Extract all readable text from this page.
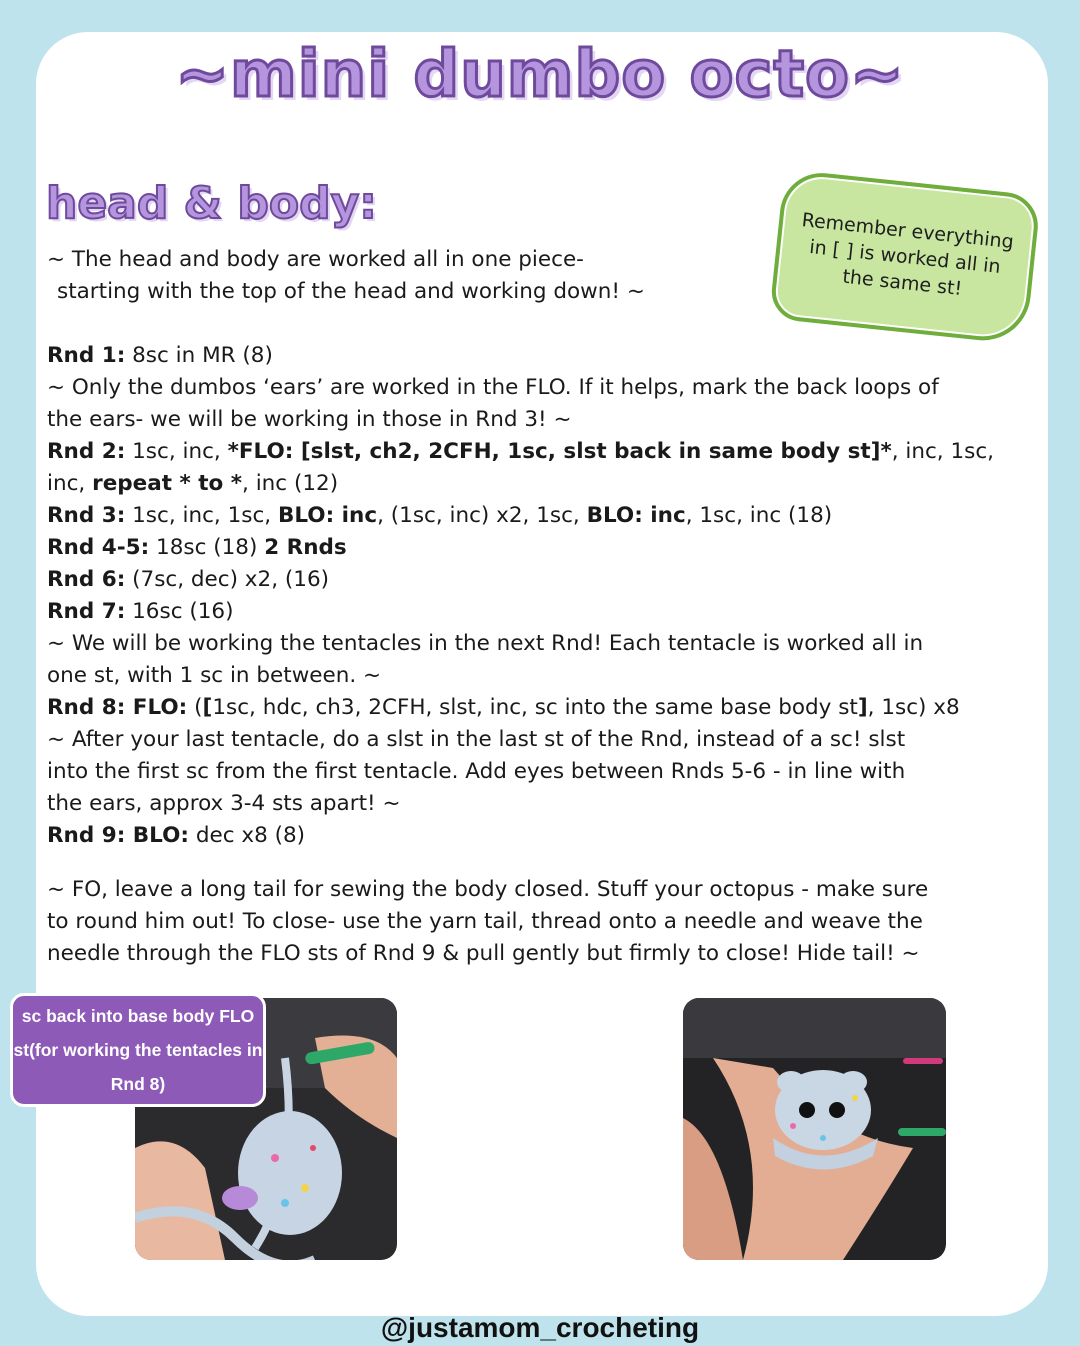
~mini dumbo octo~
head & body:
Remember everything in [ ] is worked all in the same st!
~ The head and body are worked all in one piece-
starting with the top of the head and working down! ~
Rnd 1: 8sc in MR (8)
~ Only the dumbos ‘ears’ are worked in the FLO. If it helps, mark the back loops of
the ears- we will be working in those in Rnd 3! ~
Rnd 2: 1sc, inc, *FLO: [slst, ch2, 2CFH, 1sc, slst back in same body st]*, inc, 1sc,
inc, repeat * to *, inc (12)
Rnd 3: 1sc, inc, 1sc, BLO: inc, (1sc, inc) x2, 1sc, BLO: inc, 1sc, inc (18)
Rnd 4-5: 18sc (18) 2 Rnds
Rnd 6: (7sc, dec) x2, (16)
Rnd 7: 16sc (16)
~ We will be working the tentacles in the next Rnd! Each tentacle is worked all in
one st, with 1 sc in between. ~
Rnd 8: FLO: ([1sc, hdc, ch3, 2CFH, slst, inc, sc into the same base body st], 1sc) x8
~ After your last tentacle, do a slst in the last st of the Rnd, instead of a sc! slst
into the first sc from the first tentacle. Add eyes between Rnds 5-6 - in line with
the ears, approx 3-4 sts apart! ~
Rnd 9: BLO: dec x8 (8)
~ FO, leave a long tail for sewing the body closed. Stuff your octopus - make sure
to round him out! To close- use the yarn tail, thread onto a needle and weave the
needle through the FLO sts of Rnd 9 & pull gently but firmly to close! Hide tail! ~
sc back into base body FLO
st(for working the tentacles in
Rnd 8)
@justamom_crocheting
